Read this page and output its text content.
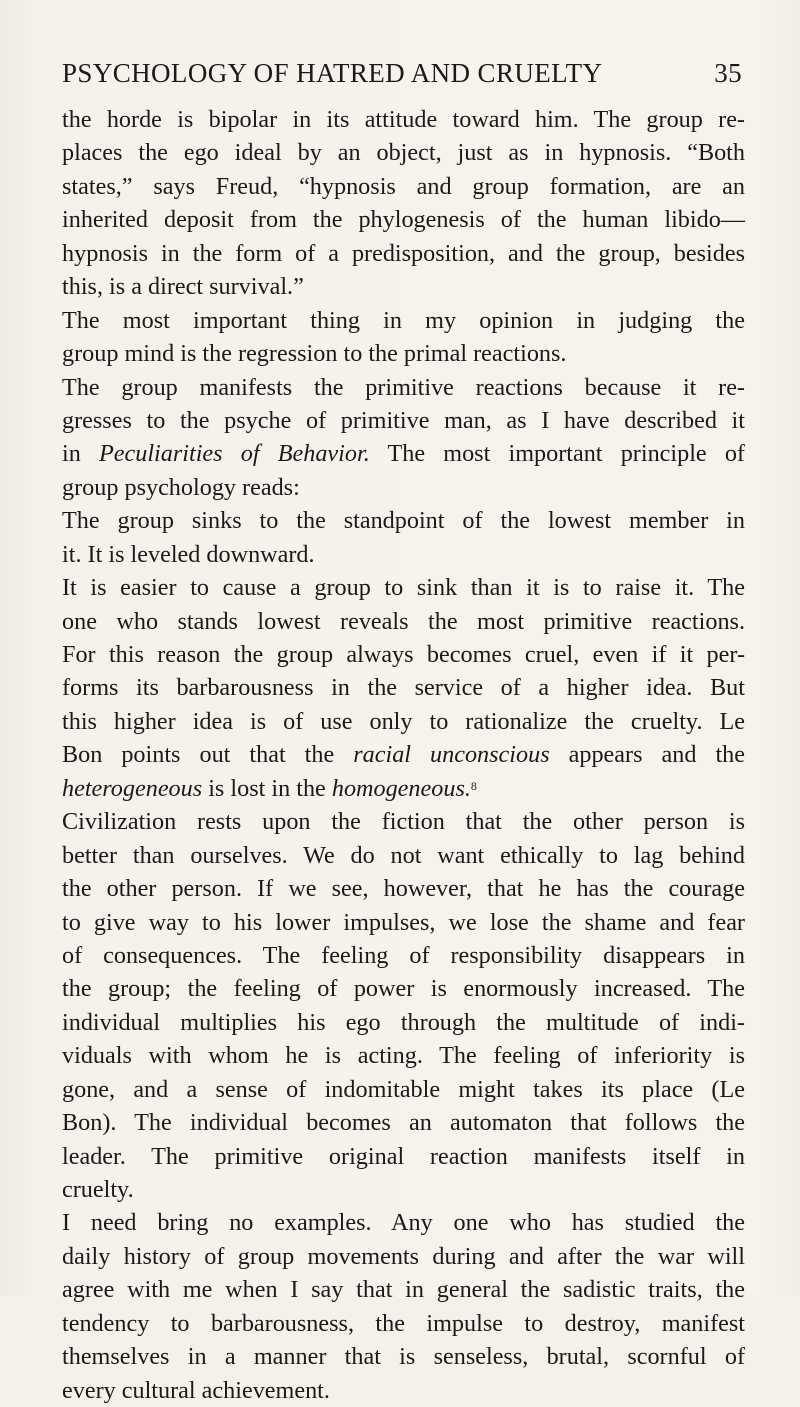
PSYCHOLOGY OF HATRED AND CRUELTY	35
the horde is bipolar in its attitude toward him. The group re-
places the ego ideal by an object, just as in hypnosis. “Both
states,” says Freud, “hypnosis and group formation, are an
inherited deposit from the phylogenesis of the human libido—
hypnosis in the form of a predisposition, and the group, besides
this, is a direct survival.”
The most important thing in my opinion in judging the
group mind is the regression to the primal reactions.
The group manifests the primitive reactions because it re-
gresses to the psyche of primitive man, as I have described it
in Peculiarities of Behavior. The most important principle of
group psychology reads:
The group sinks to the standpoint of the lowest member in
it. It is leveled downward.
It is easier to cause a group to sink than it is to raise it. The
one who stands lowest reveals the most primitive reactions.
For this reason the group always becomes cruel, even if it per-
forms its barbarousness in the service of a higher idea. But
this higher idea is of use only to rationalize the cruelty. Le
Bon points out that the racial unconscious appears and the
heterogeneous is lost in the homogeneous.$^8$
Civilization rests upon the fiction that the other person is
better than ourselves. We do not want ethically to lag behind
the other person. If we see, however, that he has the courage
to give way to his lower impulses, we lose the shame and fear
of consequences. The feeling of responsibility disappears in
the group; the feeling of power is enormously increased. The
individual multiplies his ego through the multitude of indi-
viduals with whom he is acting. The feeling of inferiority is
gone, and a sense of indomitable might takes its place (Le
Bon). The individual becomes an automaton that follows the
leader. The primitive original reaction manifests itself in
cruelty.
I need bring no examples. Any one who has studied the
daily history of group movements during and after the war will
agree with me when I say that in general the sadistic traits, the
tendency to barbarousness, the impulse to destroy, manifest
themselves in a manner that is senseless, brutal, scornful of
every cultural achievement.
